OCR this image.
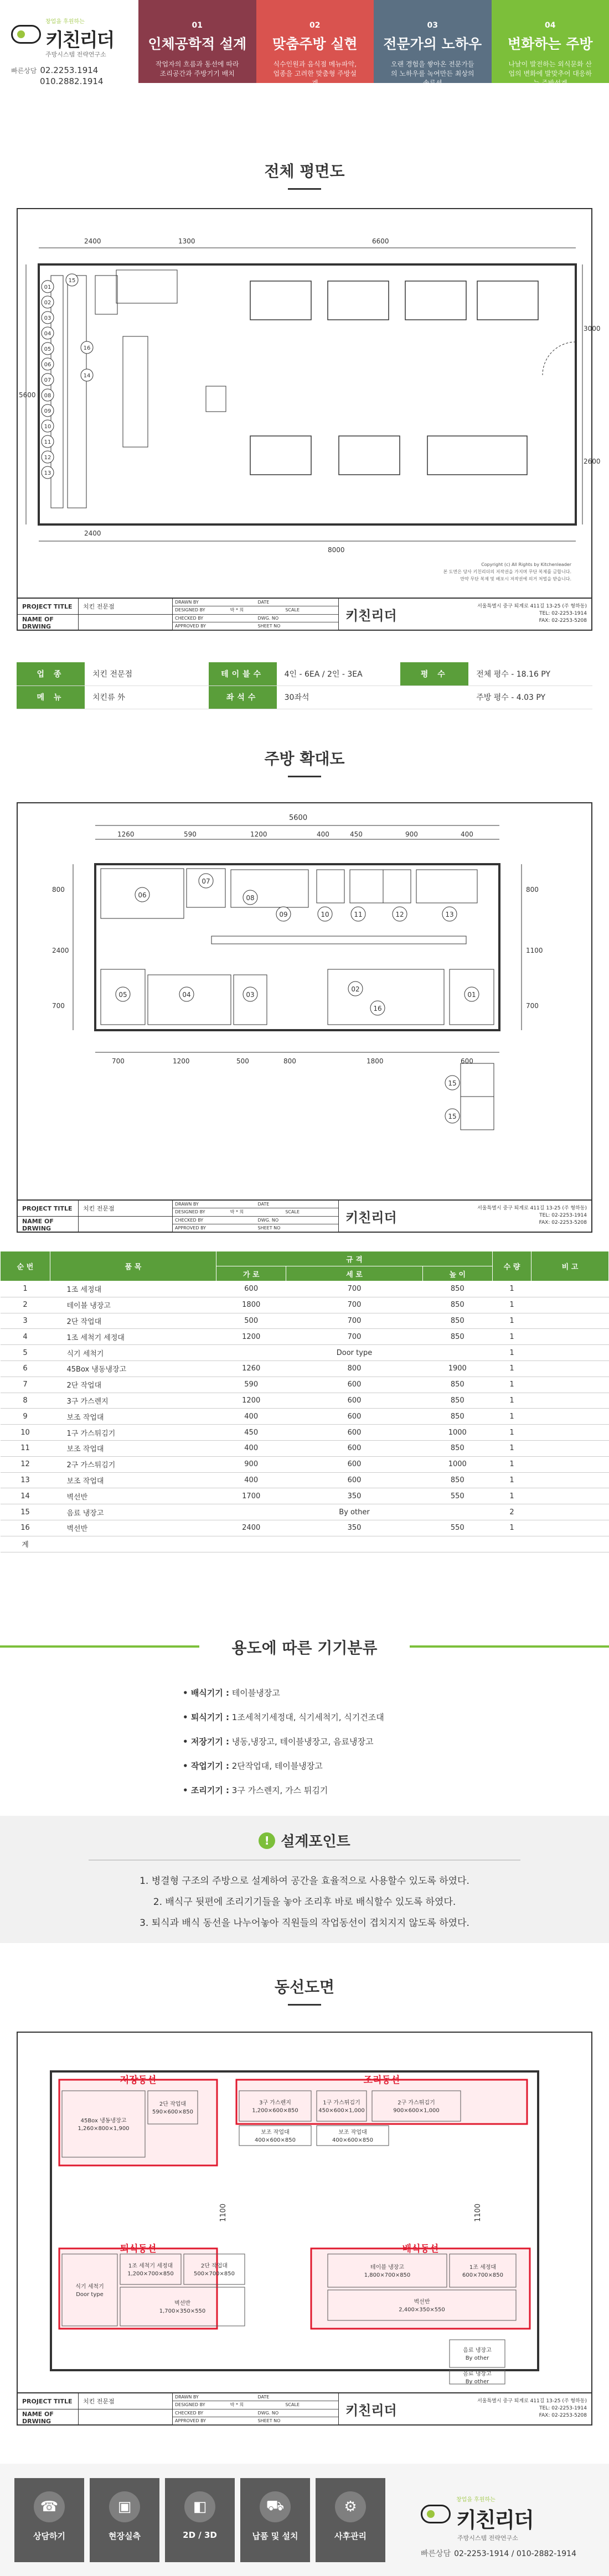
창업을 후원하는
키친리더
주방시스템 전략연구소
빠른상담 02.2253.1914
010.2882.1914
01
인체공학적 설계
작업자의 흐름과 동선에 따라 조리공간과 주방기기 배치
02
맞춤주방 실현
식수인원과 음식점 메뉴파악, 업종을 고려한 맞춤형 주방설계
03
전문가의 노하우
오랜 경험을 쌓아온 전문가들의 노하우를 녹여만든 최상의 솔루션
04
변화하는 주방
나날이 발전하는 외식문화 산업의 변화에 발맞추어 대응하는 주방설계
전체 평면도
15
01
02
03
04
05
06
07
08
09
10
11
12
13
14
16
2400	1300	6600
8000
2400
5600
3000
2600
Copyright (c) All Rights by Kitchenleader
본 도면은 당사 키친리더의 저작권을 가지며 무단 복제를 금합니다.
만약 무단 복제 및 배포시 저작권에 의거 처벌을 받습니다.
PROJECT TITLE
NAME OF DRWING
치킨 전문점
DRAWN BY	DATE
DESIGNED BY	박 * 희	SCALE
CHECKED BY	DWG. NO
APPROVED BY	SHEET NO
키친리더
서울특별시 중구 퇴계로 411길 13-25 (주 형하동)
TEL: 02-2253-1914
FAX: 02-2253-5208
업 종	치킨 전문점	테이블수	4인 - 6EA / 2인 - 3EA	평 수	전체 평수 - 18.16 PY
메 뉴	치킨류 外	좌석수	30좌석		주방 평수 - 4.03 PY
주방 확대도
06
07
08
09	10	11	12	13
05	04	03
02
16
01
15
15
1260	590	1200	400	450	900	400
700	1200	500	800	1800	600
800
2400
700
800
1100
700
5600
PROJECT TITLE
NAME OF DRWING
치킨 전문점
DRAWN BY	DATE
DESIGNED BY	박 * 희	SCALE
CHECKED BY	DWG. NO
APPROVED BY	SHEET NO
키친리더
서울특별시 중구 퇴계로 411길 13-25 (주 형하동)
TEL: 02-2253-1914
FAX: 02-2253-5208
순 번	품 목	규 격			수 량	비 고
		가 로	세 로	높 이		
1	1조 세정대	600	700	850	1	
2	테이블 냉장고	1800	700	850	1	
3	2단 작업대	500	700	850	1	
4	1조 세척기 세정대	1200	700	850	1	
5	식기 세척기		Door type		1	
6	45Box 냉동냉장고	1260	800	1900	1	
7	2단 작업대	590	600	850	1	
8	3구 가스렌지	1200	600	850	1	
9	보조 작업대	400	600	850	1	
10	1구 가스튀김기	450	600	1000	1	
11	보조 작업대	400	600	850	1	
12	2구 가스튀김기	900	600	1000	1	
13	보조 작업대	400	600	850	1	
14	벽선반	1700	350	550	1	
15	음료 냉장고		By other		2	
16	벽선반	2400	350	550	1	
계						
용도에 따른 기기분류
• 배식기기 : 테이블냉장고
• 퇴식기기 : 1조세척기세정대, 식기세척기, 식기건조대
• 저장기기 : 냉동,냉장고, 테이블냉장고, 음료냉장고
• 작업기기 : 2단작업대, 테이블냉장고
• 조리기기 : 3구 가스렌지, 가스 튀김기
! 설계포인트

1. 병결형 구조의 주방으로 설계하여 공간을 효율적으로 사용할수 있도록 하였다.

2. 배식구 뒷편에 조리기기들을 놓아 조리후 바로 배식할수 있도록 하였다.

3. 퇴식과 배식 동선을 나누어놓아 직원들의 작업동선이 겹치지지 않도록 하였다.

동선도면
저장동선	조리동선
퇴식동선	배식동선
45Box 냉동냉장고
1,260×800×1,900
2단 작업대
590×600×850
3구 가스렌지
1,200×600×850
1구 가스튀김기
450×600×1,000
2구 가스튀김기
900×600×1,000
보조 작업대
400×600×850
보조 작업대
400×600×850
식기 세척기
Door type
1조 세척기 세정대
1,200×700×850
2단 작업대
500×700×850
벽선반
1,700×350×550
테이블 냉장고
1,800×700×850
1조 세정대
600×700×850
벽선반
2,400×350×550
음료 냉장고
By other
음료 냉장고
By other
1100	1100
PROJECT TITLE
NAME OF DRWING
치킨 전문점
DRAWN BY	DATE
DESIGNED BY	박 * 희	SCALE
CHECKED BY	DWG. NO
APPROVED BY	SHEET NO
키친리더
서울특별시 중구 퇴계로 411길 13-25 (주 형하동)
TEL: 02-2253-1914
FAX: 02-2253-5208
☎
상담하기
▣
현장실측
◧
2D / 3D
⛟
납품 및 설치
⚙
사후관리
창업을 후원하는
키친리더
주방시스템 전략연구소
빠른상담 02-2253-1914 / 010-2882-1914
